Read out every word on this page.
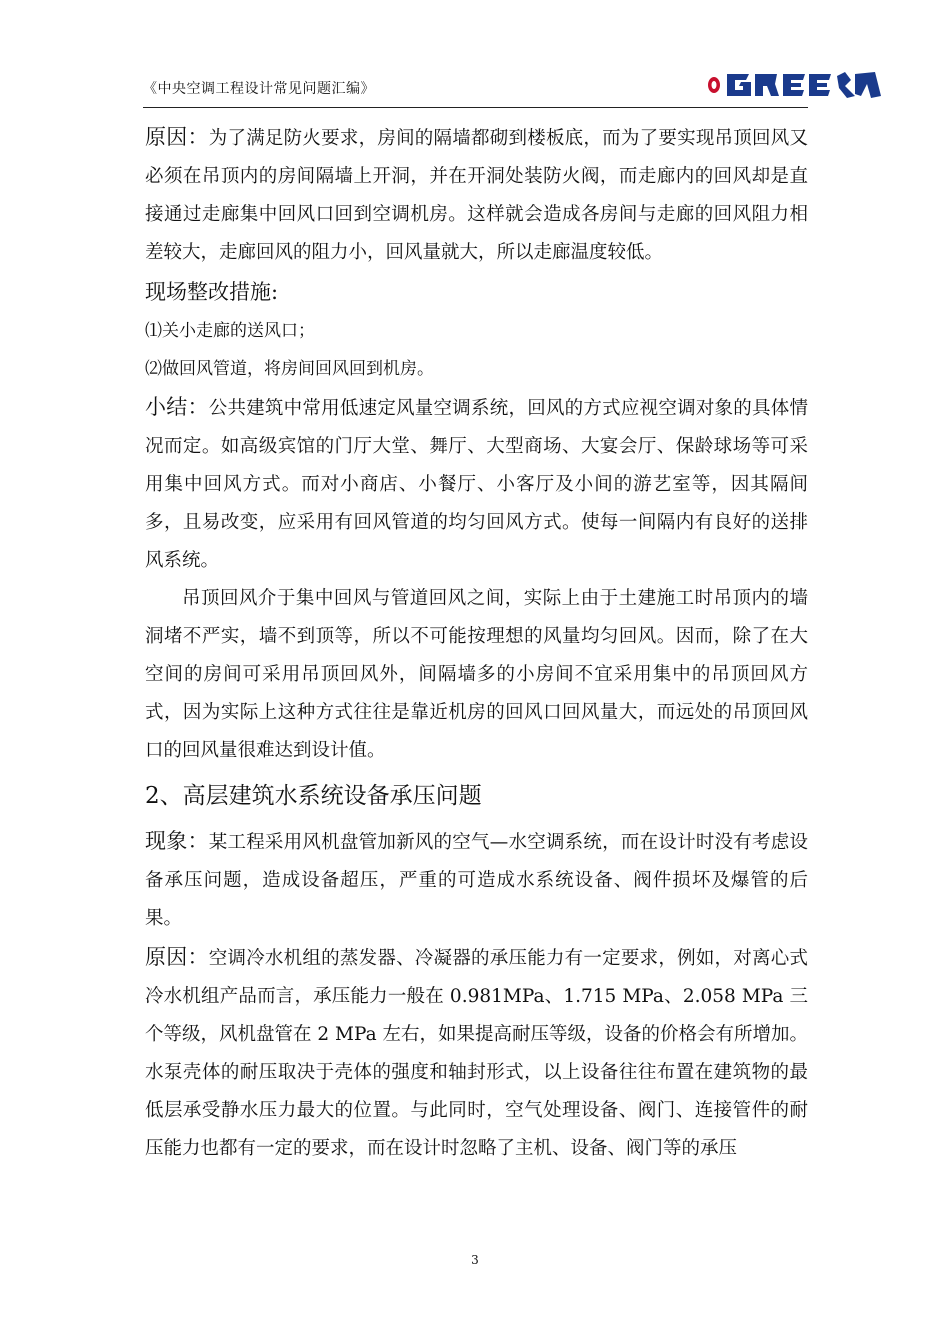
《中央空调工程设计常见问题汇编》

原因：为了满足防火要求，房间的隔墙都砌到楼板底，而为了要实现吊顶回风又必须在吊顶内的房间隔墙上开洞，并在开洞处装防火阀，而走廊内的回风却是直接通过走廊集中回风口回到空调机房。这样就会造成各房间与走廊的回风阻力相差较大，走廊回风的阻力小，回风量就大，所以走廊温度较低。

现场整改措施:

⑴关小走廊的送风口；

⑵做回风管道，将房间回风回到机房。

小结：公共建筑中常用低速定风量空调系统，回风的方式应视空调对象的具体情况而定。如高级宾馆的门厅大堂、舞厅、大型商场、大宴会厅、保龄球场等可采用集中回风方式。而对小商店、小餐厅、小客厅及小间的游艺室等，因其隔间多，且易改变，应采用有回风管道的均匀回风方式。使每一间隔内有良好的送排风系统。

吊顶回风介于集中回风与管道回风之间，实际上由于土建施工时吊顶内的墙洞堵不严实，墙不到顶等，所以不可能按理想的风量均匀回风。因而，除了在大空间的房间可采用吊顶回风外，间隔墙多的小房间不宜采用集中的吊顶回风方式，因为实际上这种方式往往是靠近机房的回风口回风量大，而远处的吊顶回风口的回风量很难达到设计值。

2、高层建筑水系统设备承压问题

现象：某工程采用风机盘管加新风的空气—水空调系统，而在设计时没有考虑设备承压问题，造成设备超压，严重的可造成水系统设备、阀件损坏及爆管的后果。

原因：空调冷水机组的蒸发器、冷凝器的承压能力有一定要求，例如，对离心式冷水机组产品而言，承压能力一般在 0.981MPa、1.715 MPa、2.058 MPa 三个等级，风机盘管在 2 MPa 左右，如果提高耐压等级，设备的价格会有所增加。水泵壳体的耐压取决于壳体的强度和轴封形式，以上设备往往布置在建筑物的最低层承受静水压力最大的位置。与此同时，空气处理设备、阀门、连接管件的耐压能力也都有一定的要求，而在设计时忽略了主机、设备、阀门等的承压

3
